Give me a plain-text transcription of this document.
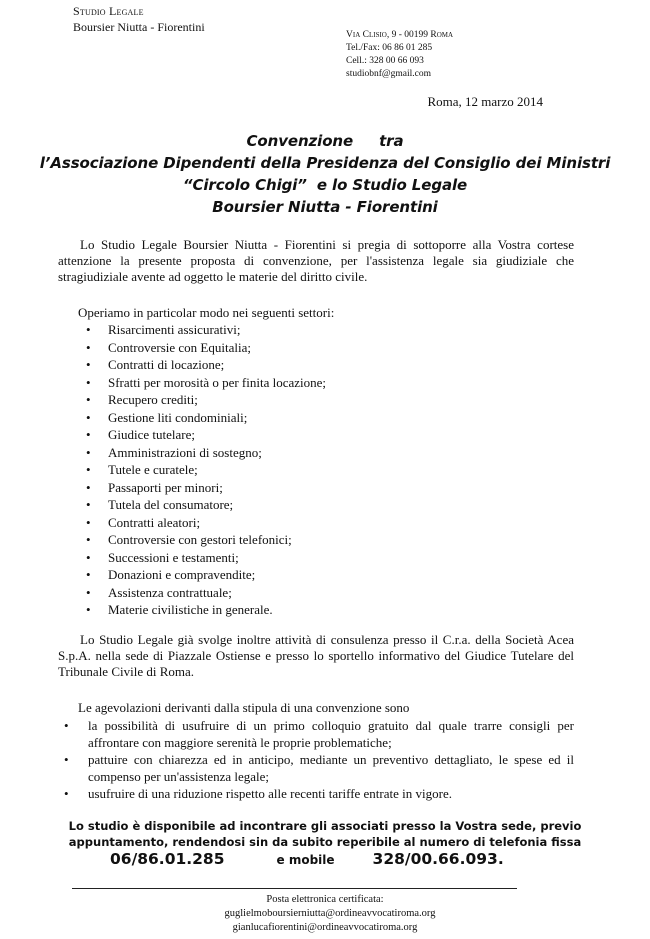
Studio Legale
Boursier Niutta - Fiorentini
Via Clisio, 9 - 00199 Roma
Tel./Fax: 06 86 01 285
Cell.: 328 00 66 093
studiobnf@gmail.com
Roma, 12 marzo 2014
Convenzione tra
l’Associazione Dipendenti della Presidenza del Consiglio dei Ministri
“Circolo Chigi” e lo Studio Legale
Boursier Niutta - Fiorentini
Lo Studio Legale Boursier Niutta - Fiorentini si pregia di sottoporre alla Vostra cortese attenzione la presente proposta di convenzione, per l'assistenza legale sia giudiziale che stragiudiziale avente ad oggetto le materie del diritto civile.
Operiamo in particolar modo nei seguenti settori:
• Risarcimenti assicurativi;
• Controversie con Equitalia;
• Contratti di locazione;
• Sfratti per morosità o per finita locazione;
• Recupero crediti;
• Gestione liti condominiali;
• Giudice tutelare;
• Amministrazioni di sostegno;
• Tutele e curatele;
• Passaporti per minori;
• Tutela del consumatore;
• Contratti aleatori;
• Controversie con gestori telefonici;
• Successioni e testamenti;
• Donazioni e compravendite;
• Assistenza contrattuale;
• Materie civilistiche in generale.
Lo Studio Legale già svolge inoltre attività di consulenza presso il C.r.a. della Società Acea S.p.A. nella sede di Piazzale Ostiense e presso lo sportello informativo del Giudice Tutelare del Tribunale Civile di Roma.
Le agevolazioni derivanti dalla stipula di una convenzione sono
• la possibilità di usufruire di un primo colloquio gratuito dal quale trarre consigli per affrontare con maggiore serenità le proprie problematiche;
• pattuire con chiarezza ed in anticipo, mediante un preventivo dettagliato, le spese ed il compenso per un'assistenza legale;
• usufruire di una riduzione rispetto alle recenti tariffe entrate in vigore.
Lo studio è disponibile ad incontrare gli associati presso la Vostra sede, previo
appuntamento, rendendosi sin da subito reperibile al numero di telefonia fissa
06/86.01.285	e mobile 328/00.66.093.
Posta elettronica certificata:
guglielmoboursierniutta@ordineavvocatiroma.org
gianlucafiorentini@ordineavvocatiroma.org
